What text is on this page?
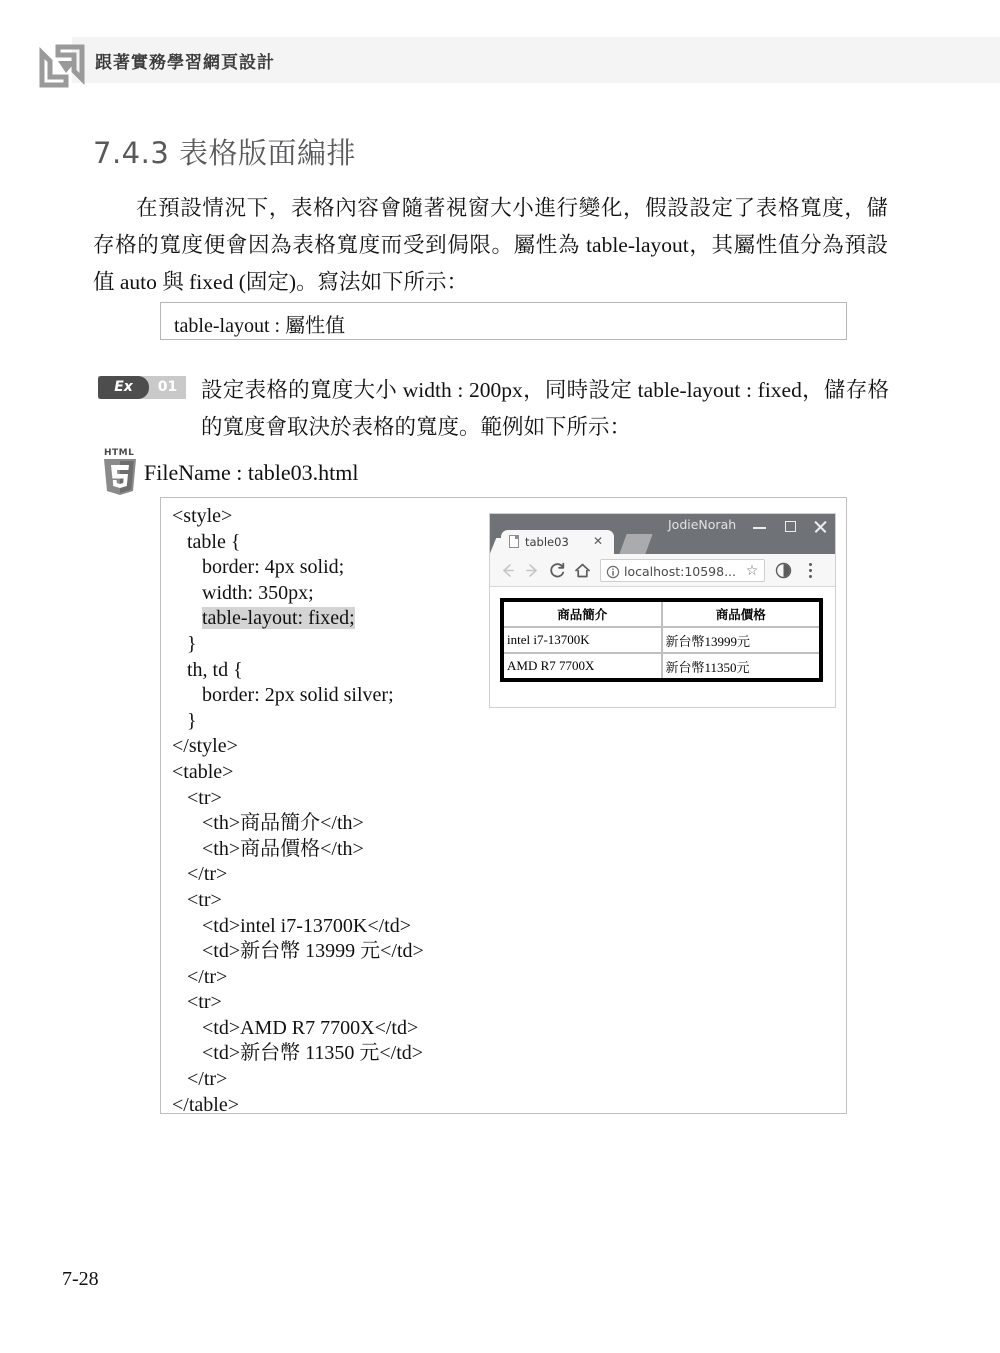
跟著實務學習網頁設計
7.4.3 表格版面編排
在預設情況下，表格內容會隨著視窗大小進行變化，假設設定了表格寬度，儲存格的寬度便會因為表格寬度而受到侷限。屬性為 table-layout，其屬性值分為預設值 auto 與 fixed (固定)。寫法如下所示：
table-layout : 屬性值
Ex	01	設定表格的寬度大小 width : 200px，同時設定 table-layout : fixed，儲存格的寬度會取決於表格的寬度。範例如下所示：
HTML
FileName : table03.html
<style>
table {
border: 4px solid;
width: 350px;
table-layout: fixed;
}
th, td {
border: 2px solid silver;
}
</style>
<table>
<tr>
<th>商品簡介</th>
<th>商品價格</th>
</tr>
<tr>
<td>intel i7-13700K</td>
<td>新台幣 13999 元</td>
</tr>
<tr>
<td>AMD R7 7700X</td>
<td>新台幣 11350 元</td>
</tr>
</table>
JodieNorah
table03 ✕
localhost:10598... ☆
商品簡介	商品價格
intel i7-13700K	新台幣13999元
AMD R7 7700X	新台幣11350元
7-28
